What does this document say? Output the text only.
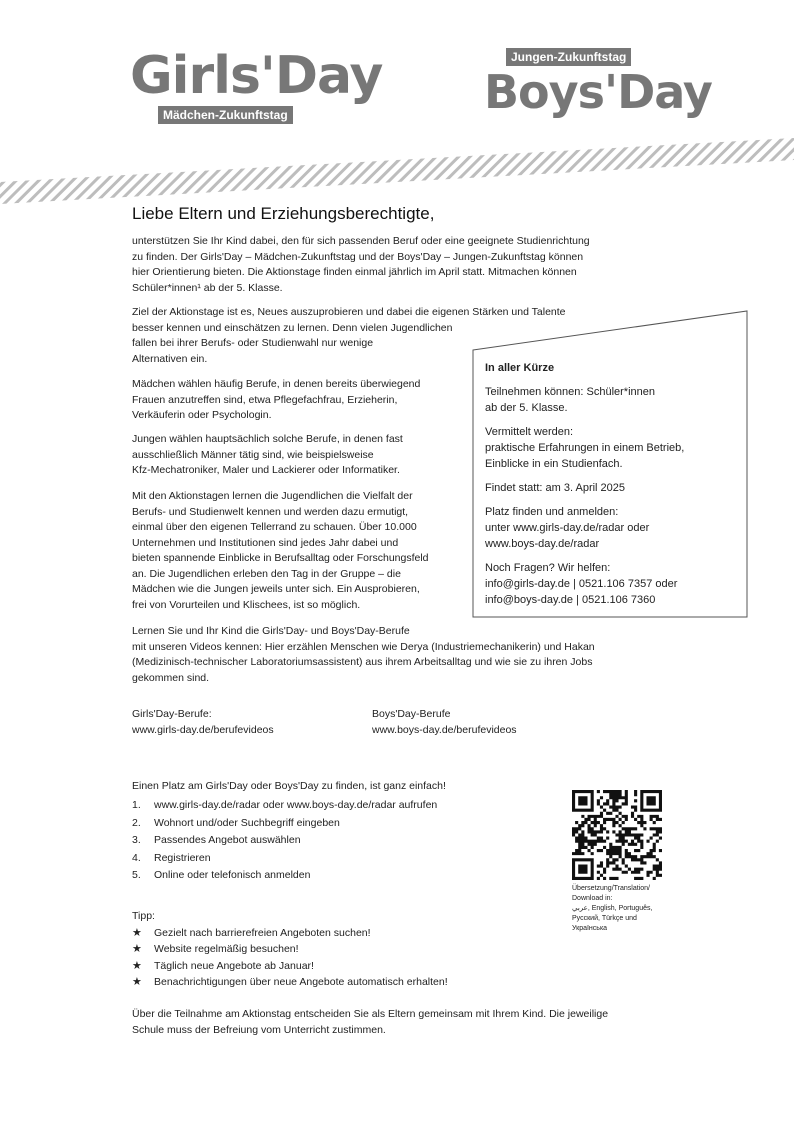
Girls'Day
Mädchen-Zukunftstag
Jungen-Zukunftstag
Boys'Day
Liebe Eltern und Erziehungsberechtigte,
unterstützen Sie Ihr Kind dabei, den für sich passenden Beruf oder eine geeignete Studienrichtung
zu finden. Der Girls'Day – Mädchen-Zukunftstag und der Boys'Day – Jungen-Zukunftstag können
hier Orientierung bieten. Die Aktionstage finden einmal jährlich im April statt. Mitmachen können
Schüler*innen¹ ab der 5. Klasse.
Ziel der Aktionstage ist es, Neues auszuprobieren und dabei die eigenen Stärken und Talente
besser kennen und einschätzen zu lernen. Denn vielen Jugendlichen
fallen bei ihrer Berufs- oder Studienwahl nur wenige
Alternativen ein.
Mädchen wählen häufig Berufe, in denen bereits überwiegend
Frauen anzutreffen sind, etwa Pflegefachfrau, Erzieherin,
Verkäuferin oder Psychologin.
Jungen wählen hauptsächlich solche Berufe, in denen fast
ausschließlich Männer tätig sind, wie beispielsweise
Kfz-Mechatroniker, Maler und Lackierer oder Informatiker.
Mit den Aktionstagen lernen die Jugendlichen die Vielfalt der
Berufs- und Studienwelt kennen und werden dazu ermutigt,
einmal über den eigenen Tellerrand zu schauen. Über 10.000
Unternehmen und Institutionen sind jedes Jahr dabei und
bieten spannende Einblicke in Berufsalltag oder Forschungsfeld
an. Die Jugendlichen erleben den Tag in der Gruppe – die
Mädchen wie die Jungen jeweils unter sich. Ein Ausprobieren,
frei von Vorurteilen und Klischees, ist so möglich.
In aller Kürze
Teilnehmen können: Schüler*innen
ab der 5. Klasse.
Vermittelt werden:
praktische Erfahrungen in einem Betrieb,
Einblicke in ein Studienfach.
Findet statt: am 3. April 2025
Platz finden und anmelden:
unter www.girls-day.de/radar oder
www.boys-day.de/radar
Noch Fragen? Wir helfen:
info@girls-day.de | 0521.106 7357 oder
info@boys-day.de | 0521.106 7360
Lernen Sie und Ihr Kind die Girls'Day- und Boys'Day-Berufe
mit unseren Videos kennen: Hier erzählen Menschen wie Derya (Industriemechanikerin) und Hakan
(Medizinisch-technischer Laboratoriumsassistent) aus ihrem Arbeitsalltag und wie sie zu ihren Jobs
gekommen sind.
Girls'Day-Berufe:
www.girls-day.de/berufevideos
Boys'Day-Berufe
www.boys-day.de/berufevideos
Einen Platz am Girls'Day oder Boys'Day zu finden, ist ganz einfach!
1.	www.girls-day.de/radar oder www.boys-day.de/radar aufrufen
2.	Wohnort und/oder Suchbegriff eingeben
3.	Passendes Angebot auswählen
4.	Registrieren
5.	Online oder telefonisch anmelden
Übersetzung/Translation/
Download in:
عربي, English, Português,
Русский, Türkçe und
Українська
Tipp:
★	Gezielt nach barrierefreien Angeboten suchen!
★	Website regelmäßig besuchen!
★	Täglich neue Angebote ab Januar!
★	Benachrichtigungen über neue Angebote automatisch erhalten!
Über die Teilnahme am Aktionstag entscheiden Sie als Eltern gemeinsam mit Ihrem Kind. Die jeweilige
Schule muss der Befreiung vom Unterricht zustimmen.
